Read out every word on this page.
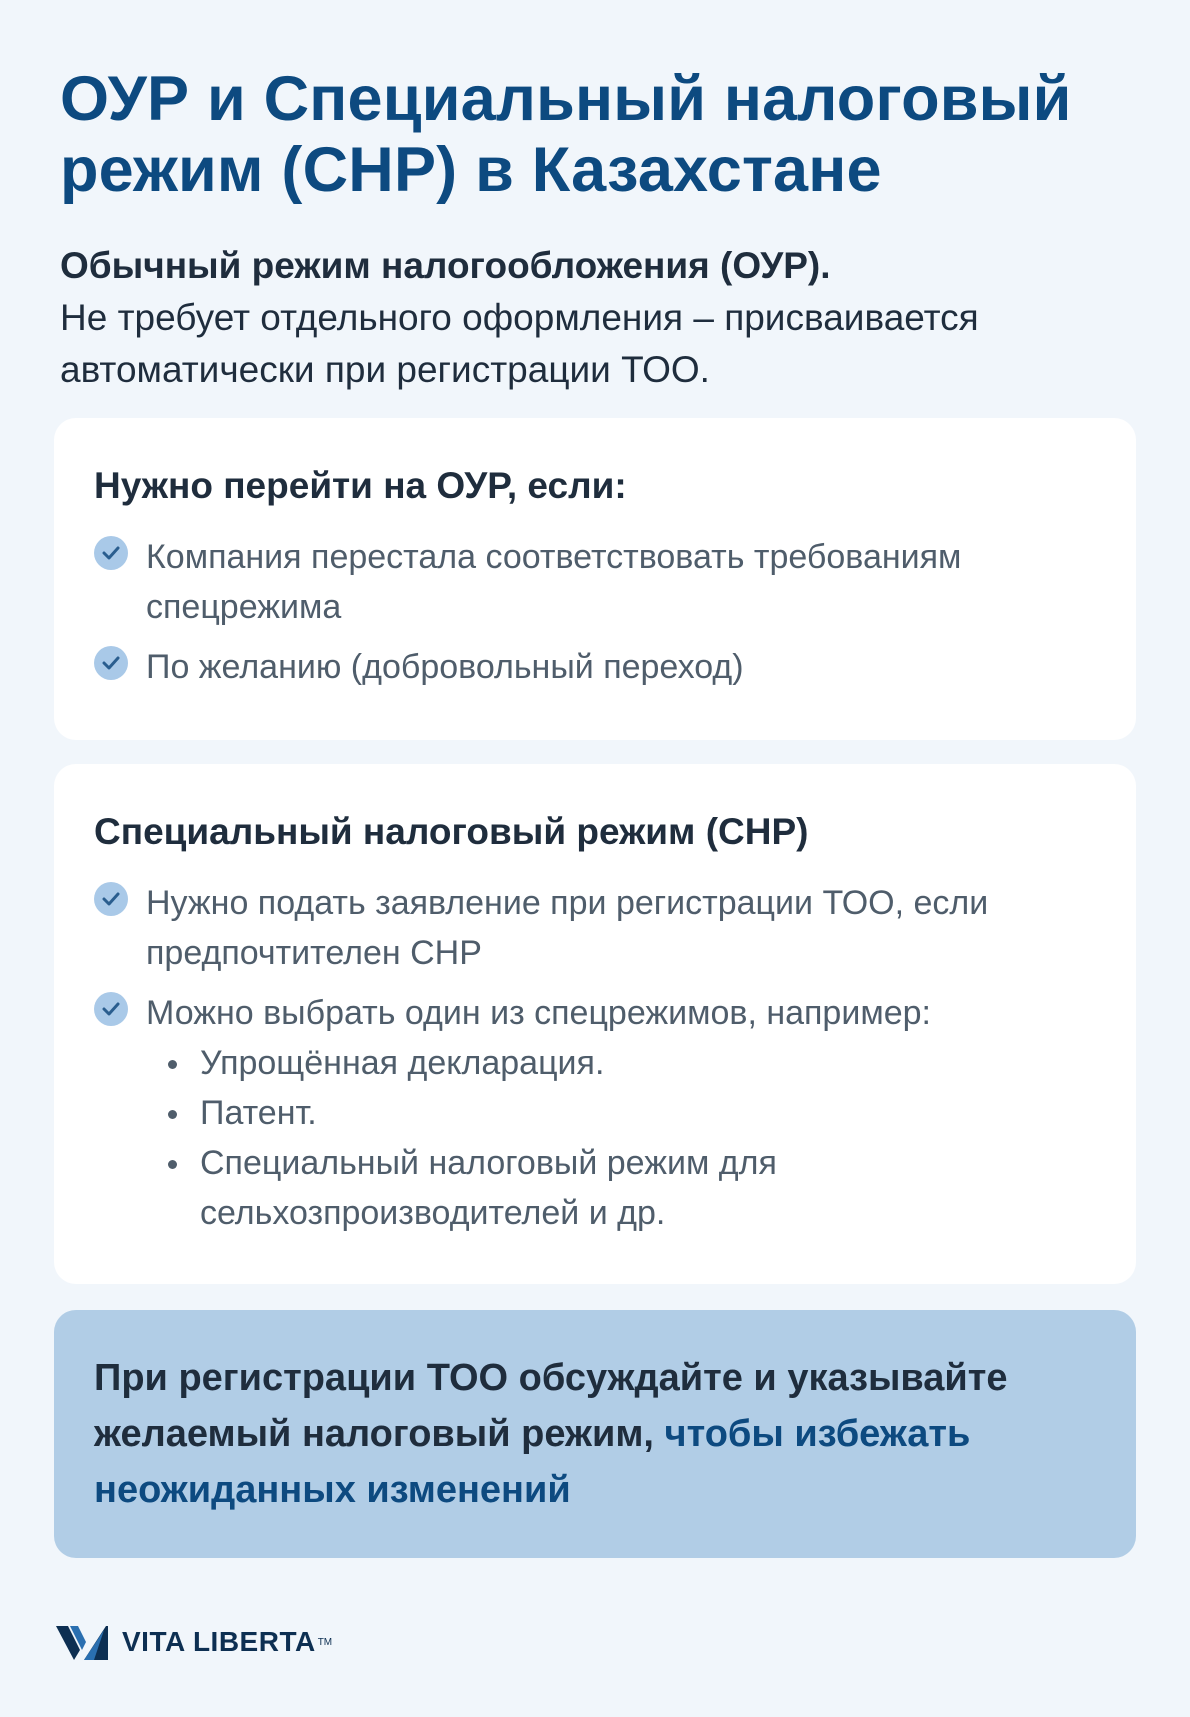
ОУР и Специальный налоговый режим (СНР) в Казахстане
Обычный режим налогообложения (ОУР).
Не требует отдельного оформления – присваивается автоматически при регистрации ТОО.
Нужно перейти на ОУР, если:
Компания перестала соответствовать требованиям спецрежима
По желанию (добровольный переход)
Специальный налоговый режим (СНР)
Нужно подать заявление при регистрации ТОО, если предпочтителен СНР
Можно выбрать один из спецрежимов, например:
Упрощённая декларация.
Патент.
Специальный налоговый режим для сельхозпроизводителей и др.
При регистрации ТОО обсуждайте и указывайте желаемый налоговый режим, чтобы избежать неожиданных изменений
VITA LIBERTA TM
